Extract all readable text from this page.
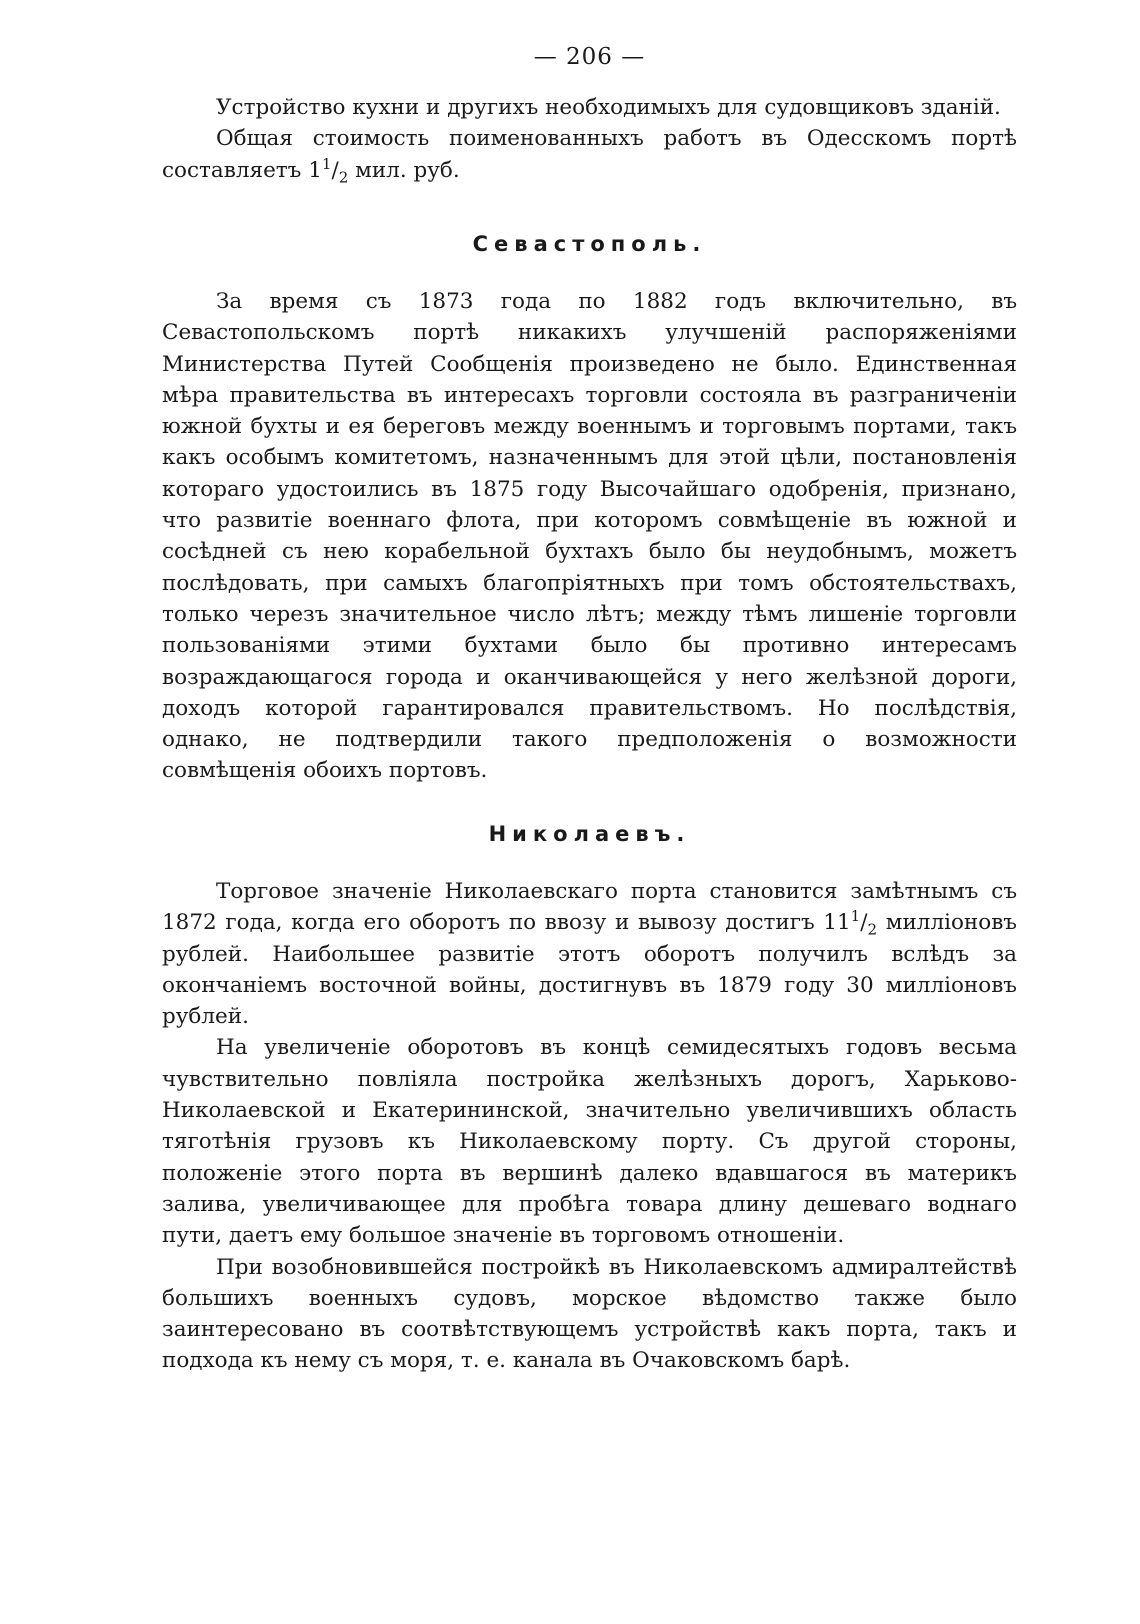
— 206 —

Устройство кухни и другихъ необходимыхъ для судовщиковъ зданій.

Общая стоимость поименованныхъ работъ въ Одесскомъ портѣ составляетъ $1^1/_2$ мил. руб.

Севастополь.

За время съ 1873 года по 1882 годъ включительно, въ Севастопольскомъ портѣ никакихъ улучшеній распоряженіями Министерства Путей Сообщенія произведено не было. Единственная мѣра правительства въ интересахъ торговли состояла въ разграниченіи южной бухты и ея береговъ между военнымъ и торговымъ портами, такъ какъ особымъ комитетомъ, назначеннымъ для этой цѣли, постановленія котораго удостоились въ 1875 году Высочайшаго одобренія, признано, что развитіе военнаго флота, при которомъ совмѣщеніе въ южной и сосѣдней съ нею корабельной бухтахъ было бы неудобнымъ, можетъ послѣдовать, при самыхъ благопріятныхъ при томъ обстоятельствахъ, только черезъ значительное число лѣтъ; между тѣмъ лишеніе торговли пользованіями этими бухтами было бы противно интересамъ возраждающагося города и оканчивающейся у него желѣзной дороги, доходъ которой гарантировался правительствомъ. Но послѣдствія, однако, не подтвердили такого предположенія о возможности совмѣщенія обоихъ портовъ.

Николаевъ.

Торговое значеніе Николаевскаго порта становится замѣтнымъ съ 1872 года, когда его оборотъ по ввозу и вывозу достигъ $11^1/_2$ милліоновъ рублей. Наибольшее развитіе этотъ оборотъ получилъ вслѣдъ за окончаніемъ восточной войны, достигнувъ въ 1879 году 30 милліоновъ рублей.

На увеличеніе оборотовъ въ концѣ семидесятыхъ годовъ весьма чувствительно повліяла постройка желѣзныхъ дорогъ, Харьково-Николаевской и Екатерининской, значительно увеличившихъ область тяготѣнія грузовъ къ Николаевскому порту. Съ другой стороны, положеніе этого порта въ вершинѣ далеко вдавшагося въ материкъ залива, увеличивающее для пробѣга товара длину дешеваго воднаго пути, даетъ ему большое значеніе въ торговомъ отношеніи.

При возобновившейся постройкѣ въ Николаевскомъ адмиралтействѣ большихъ военныхъ судовъ, морское вѣдомство также было заинтересовано въ соотвѣтствующемъ устройствѣ какъ порта, такъ и подхода къ нему съ моря, т. е. канала въ Очаковскомъ барѣ.
